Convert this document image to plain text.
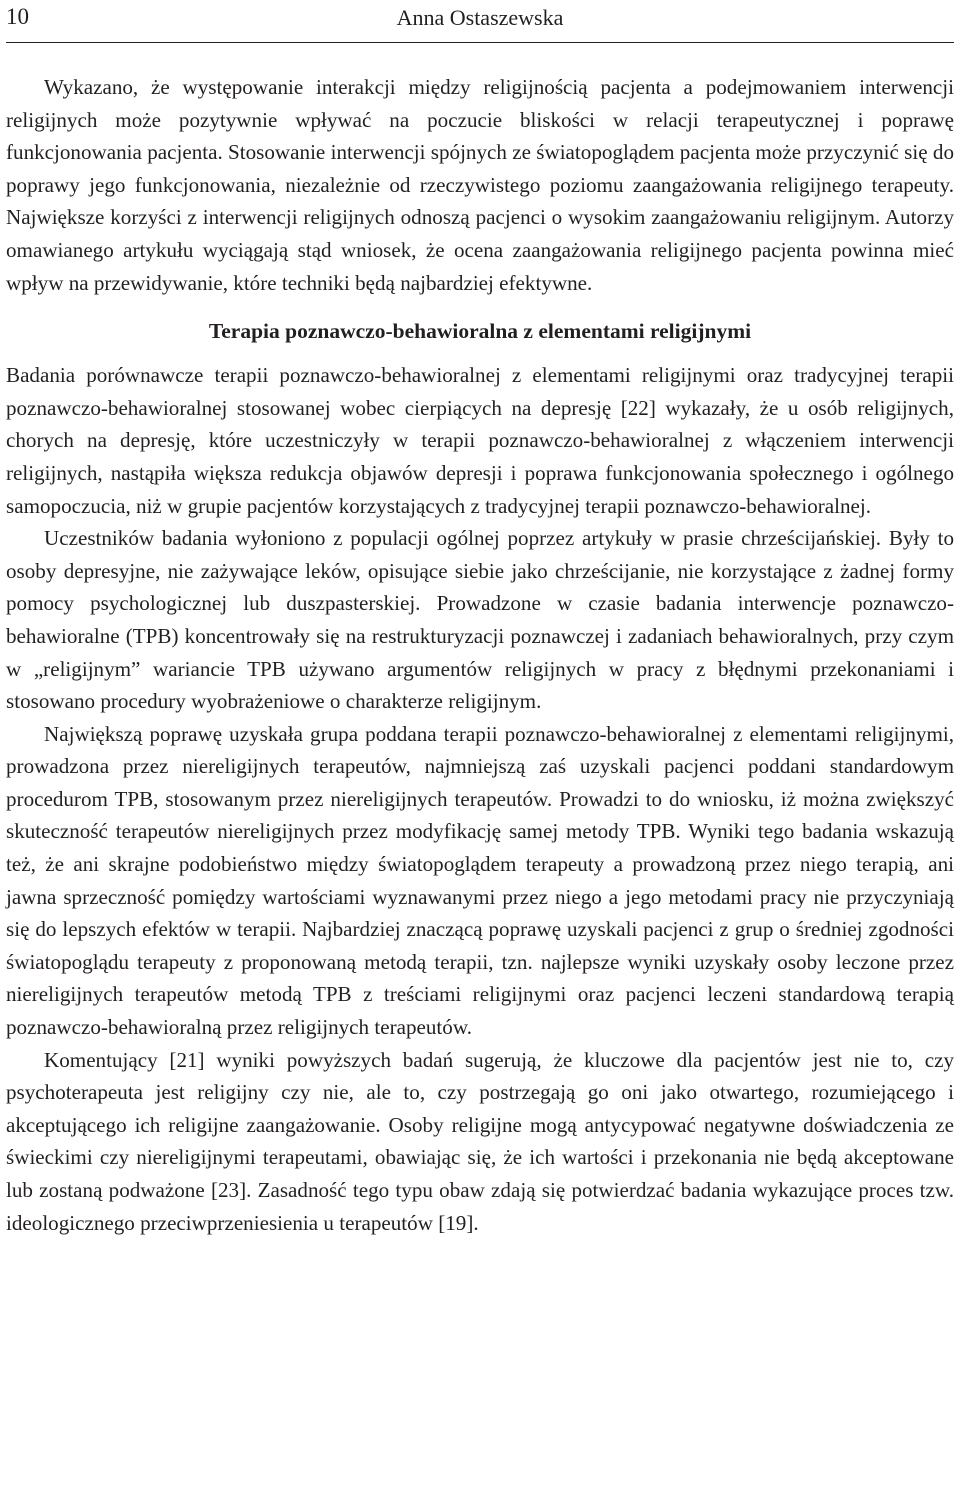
10	Anna Ostaszewska

Wykazano, że występowanie interakcji między religijnością pacjenta a podejmowaniem interwencji religijnych może pozytywnie wpływać na poczucie bliskości w relacji terapeutycznej i poprawę funkcjonowania pacjenta. Stosowanie interwencji spójnych ze światopoglądem pacjenta może przyczynić się do poprawy jego funkcjonowania, niezależnie od rzeczywistego poziomu zaangażowania religijnego terapeuty. Największe korzyści z interwencji religijnych odnoszą pacjenci o wysokim zaangażowaniu religijnym. Autorzy omawianego artykułu wyciągają stąd wniosek, że ocena zaangażowania religijnego pacjenta powinna mieć wpływ na przewidywanie, które techniki będą najbardziej efektywne.

Terapia poznawczo-behawioralna z elementami religijnymi

Badania porównawcze terapii poznawczo-behawioralnej z elementami religijnymi oraz tradycyjnej terapii poznawczo-behawioralnej stosowanej wobec cierpiących na depresję [22] wykazały, że u osób religijnych, chorych na depresję, które uczestniczyły w terapii poznawczo-behawioralnej z włączeniem interwencji religijnych, nastąpiła większa redukcja objawów depresji i poprawa funkcjonowania społecznego i ogólnego samopoczucia, niż w grupie pacjentów korzystających z tradycyjnej terapii poznawczo-behawioralnej.

Uczestników badania wyłoniono z populacji ogólnej poprzez artykuły w prasie chrześcijańskiej. Były to osoby depresyjne, nie zażywające leków, opisujące siebie jako chrześcijanie, nie korzystające z żadnej formy pomocy psychologicznej lub duszpasterskiej. Prowadzone w czasie badania interwencje poznawczo-behawioralne (TPB) koncentrowały się na restrukturyzacji poznawczej i zadaniach behawioralnych, przy czym w „religijnym” wariancie TPB używano argumentów religijnych w pracy z błędnymi przekonaniami i stosowano procedury wyobrażeniowe o charakterze religijnym.

Największą poprawę uzyskała grupa poddana terapii poznawczo-behawioralnej z elementami religijnymi, prowadzona przez niereligijnych terapeutów, najmniejszą zaś uzyskali pacjenci poddani standardowym procedurom TPB, stosowanym przez niereligijnych terapeutów. Prowadzi to do wniosku, iż można zwiększyć skuteczność terapeutów niereligijnych przez modyfikację samej metody TPB. Wyniki tego badania wskazują też, że ani skrajne podobieństwo między światopoglądem terapeuty a prowadzoną przez niego terapią, ani jawna sprzeczność pomiędzy wartościami wyznawanymi przez niego a jego metodami pracy nie przyczyniają się do lepszych efektów w terapii. Najbardziej znaczącą poprawę uzyskali pacjenci z grup o średniej zgodności światopoglądu terapeuty z proponowaną metodą terapii, tzn. najlepsze wyniki uzyskały osoby leczone przez niereligijnych terapeutów metodą TPB z treściami religijnymi oraz pacjenci leczeni standardową terapią poznawczo-behawioralną przez religijnych terapeutów.

Komentujący [21] wyniki powyższych badań sugerują, że kluczowe dla pacjentów jest nie to, czy psychoterapeuta jest religijny czy nie, ale to, czy postrzegają go oni jako otwartego, rozumiejącego i akceptującego ich religijne zaangażowanie. Osoby religijne mogą antycypować negatywne doświadczenia ze świeckimi czy niereligijnymi terapeutami, obawiając się, że ich wartości i przekonania nie będą akceptowane lub zostaną podważone [23]. Zasadność tego typu obaw zdają się potwierdzać badania wykazujące proces tzw. ideologicznego przeciwprzeniesienia u terapeutów [19].
